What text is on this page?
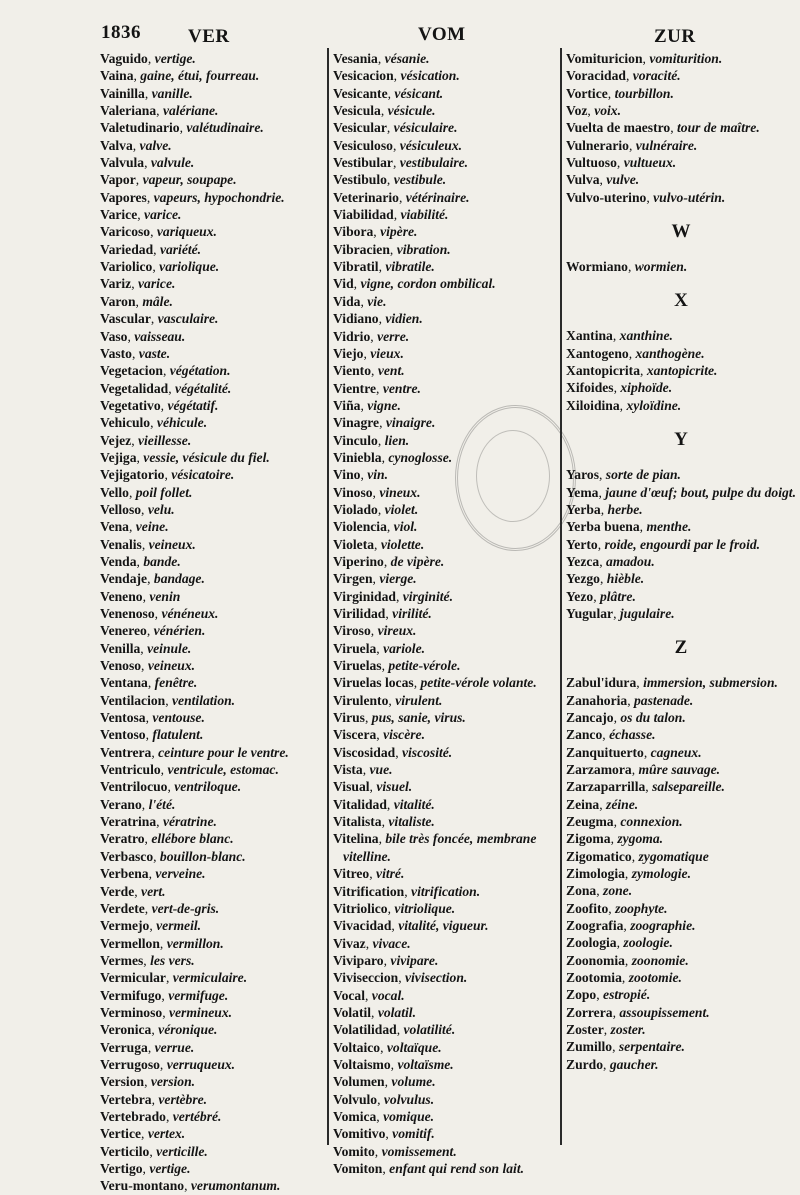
1836 VER	VOM	ZUR

Vaguido, vertige.

Vaina, gaine, étui, fourreau.

Vainilla, vanille.

Valeriana, valériane.

Valetudinario, valétudinaire.

Valva, valve.

Valvula, valvule.

Vapor, vapeur, soupape.

Vapores, vapeurs, hypochondrie.

Varice, varice.

Varicoso, variqueux.

Variedad, variété.

Variolico, variolique.

Variz, varice.

Varon, mâle.

Vascular, vasculaire.

Vaso, vaisseau.

Vasto, vaste.

Vegetacion, végétation.

Vegetalidad, végétalité.

Vegetativo, végétatif.

Vehiculo, véhicule.

Vejez, vieillesse.

Vejiga, vessie, vésicule du fiel.

Vejigatorio, vésicatoire.

Vello, poil follet.

Velloso, velu.

Vena, veine.

Venalis, veineux.

Venda, bande.

Vendaje, bandage.

Veneno, venin

Venenoso, vénéneux.

Venereo, vénérien.

Venilla, veinule.

Venoso, veineux.

Ventana, fenêtre.

Ventilacion, ventilation.

Ventosa, ventouse.

Ventoso, flatulent.

Ventrera, ceinture pour le ventre.

Ventriculo, ventricule, estomac.

Ventrilocuo, ventriloque.

Verano, l'été.

Veratrina, vératrine.

Veratro, ellébore blanc.

Verbasco, bouillon-blanc.

Verbena, verveine.

Verde, vert.

Verdete, vert-de-gris.

Vermejo, vermeil.

Vermellon, vermillon.

Vermes, les vers.

Vermicular, vermiculaire.

Vermifugo, vermifuge.

Verminoso, vermineux.

Veronica, véronique.

Verruga, verrue.

Verrugoso, verruqueux.

Version, version.

Vertebra, vertèbre.

Vertebrado, vertébré.

Vertice, vertex.

Verticilo, verticille.

Vertigo, vertige.

Veru-montano, verumontanum.

Vesania, vésanie.

Vesicacion, vésication.

Vesicante, vésicant.

Vesicula, vésicule.

Vesicular, vésiculaire.

Vesiculoso, vésiculeux.

Vestibular, vestibulaire.

Vestibulo, vestibule.

Veterinario, vétérinaire.

Viabilidad, viabilité.

Vibora, vipère.

Vibracien, vibration.

Vibratil, vibratile.

Vid, vigne, cordon ombilical.

Vida, vie.

Vidiano, vidien.

Vidrio, verre.

Viejo, vieux.

Viento, vent.

Vientre, ventre.

Viña, vigne.

Vinagre, vinaigre.

Vinculo, lien.

Viniebla, cynoglosse.

Vino, vin.

Vinoso, vineux.

Violado, violet.

Violencia, viol.

Violeta, violette.

Viperino, de vipère.

Virgen, vierge.

Virginidad, virginité.

Virilidad, virilité.

Viroso, vireux.

Viruela, variole.

Viruelas, petite-vérole.

Viruelas locas, petite-vérole volante.

Virulento, virulent.

Virus, pus, sanie, virus.

Viscera, viscère.

Viscosidad, viscosité.

Vista, vue.

Visual, visuel.

Vitalidad, vitalité.

Vitalista, vitaliste.

Vitelina, bile très foncée, membrane vitelline.

Vitreo, vitré.

Vitrification, vitrification.

Vitriolico, vitriolique.

Vivacidad, vitalité, vigueur.

Vivaz, vivace.

Viviparo, vivipare.

Viviseccion, vivisection.

Vocal, vocal.

Volatil, volatil.

Volatilidad, volatilité.

Voltaico, voltaïque.

Voltaismo, voltaïsme.

Volumen, volume.

Volvulo, volvulus.

Vomica, vomique.

Vomitivo, vomitif.

Vomito, vomissement.

Vomiton, enfant qui rend son lait.

Vomituricion, vomiturition.

Voracidad, voracité.

Vortice, tourbillon.

Voz, voix.

Vuelta de maestro, tour de maître.

Vulnerario, vulnéraire.

Vultuoso, vultueux.

Vulva, vulve.

Vulvo-uterino, vulvo-utérin.

W

Wormiano, wormien.

X

Xantina, xanthine.

Xantogeno, xanthogène.

Xantopicrita, xantopicrite.

Xifoides, xiphoïde.

Xiloidina, xyloïdine.

Y

Yaros, sorte de pian.

Yema, jaune d'œuf; bout, pulpe du doigt.

Yerba, herbe.

Yerba buena, menthe.

Yerto, roide, engourdi par le froid.

Yezca, amadou.

Yezgo, hièble.

Yezo, plâtre.

Yugular, jugulaire.

Z

Zabul'idura, immersion, submersion.

Zanahoria, pastenade.

Zancajo, os du talon.

Zanco, échasse.

Zanquituerto, cagneux.

Zarzamora, mûre sauvage.

Zarzaparrilla, salsepareille.

Zeina, zéine.

Zeugma, connexion.

Zigoma, zygoma.

Zigomatico, zygomatique

Zimologia, zymologie.

Zona, zone.

Zoofito, zoophyte.

Zoografia, zoographie.

Zoologia, zoologie.

Zoonomia, zoonomie.

Zootomia, zootomie.

Zopo, estropié.

Zorrera, assoupissement.

Zoster, zoster.

Zumillo, serpentaire.

Zurdo, gaucher.
